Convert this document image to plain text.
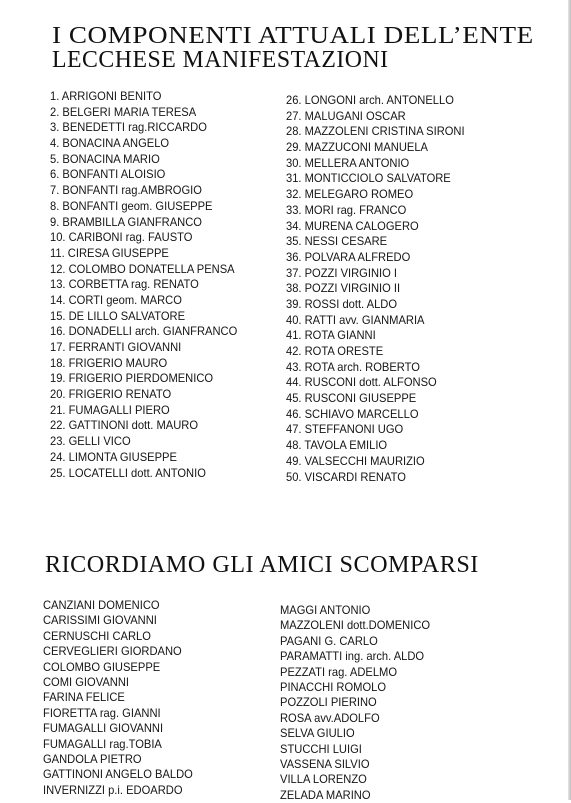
I COMPONENTI ATTUALI DELL’ENTE
LECCHESE MANIFESTAZIONI
1. ARRIGONI BENITO
2. BELGERI MARIA TERESA
3. BENEDETTI rag.RICCARDO
4. BONACINA ANGELO
5. BONACINA MARIO
6. BONFANTI ALOISIO
7. BONFANTI rag.AMBROGIO
8. BONFANTI geom. GIUSEPPE
9. BRAMBILLA GIANFRANCO
10. CARIBONI rag. FAUSTO
11. CIRESA GIUSEPPE
12. COLOMBO DONATELLA PENSA
13. CORBETTA rag. RENATO
14. CORTI geom. MARCO
15. DE LILLO SALVATORE
16. DONADELLI arch. GIANFRANCO
17. FERRANTI GIOVANNI
18. FRIGERIO MAURO
19. FRIGERIO PIERDOMENICO
20. FRIGERIO RENATO
21. FUMAGALLI PIERO
22. GATTINONI dott. MAURO
23. GELLI VICO
24. LIMONTA GIUSEPPE
25. LOCATELLI dott. ANTONIO
26. LONGONI arch. ANTONELLO
27. MALUGANI OSCAR
28. MAZZOLENI CRISTINA SIRONI
29. MAZZUCONI MANUELA
30. MELLERA ANTONIO
31. MONTICCIOLO SALVATORE
32. MELEGARO ROMEO
33. MORI rag. FRANCO
34. MURENA CALOGERO
35. NESSI CESARE
36. POLVARA ALFREDO
37. POZZI VIRGINIO I
38. POZZI VIRGINIO II
39. ROSSI dott. ALDO
40. RATTI avv. GIANMARIA
41. ROTA GIANNI
42. ROTA ORESTE
43. ROTA arch. ROBERTO
44. RUSCONI dott. ALFONSO
45. RUSCONI GIUSEPPE
46. SCHIAVO MARCELLO
47. STEFFANONI UGO
48. TAVOLA EMILIO
49. VALSECCHI MAURIZIO
50. VISCARDI RENATO
RICORDIAMO GLI AMICI SCOMPARSI
CANZIANI DOMENICO
CARISSIMI GIOVANNI
CERNUSCHI CARLO
CERVEGLIERI GIORDANO
COLOMBO GIUSEPPE
COMI GIOVANNI
FARINA FELICE
FIORETTA rag. GIANNI
FUMAGALLI GIOVANNI
FUMAGALLI rag.TOBIA
GANDOLA PIETRO
GATTINONI ANGELO BALDO
INVERNIZZI p.i. EDOARDO
MAGGI ANTONIO
MAZZOLENI dott.DOMENICO
PAGANI G. CARLO
PARAMATTI ing. arch. ALDO
PEZZATI rag. ADELMO
PINACCHI ROMOLO
POZZOLI PIERINO
ROSA avv.ADOLFO
SELVA GIULIO
STUCCHI LUIGI
VASSENA SILVIO
VILLA LORENZO
ZELADA MARINO
